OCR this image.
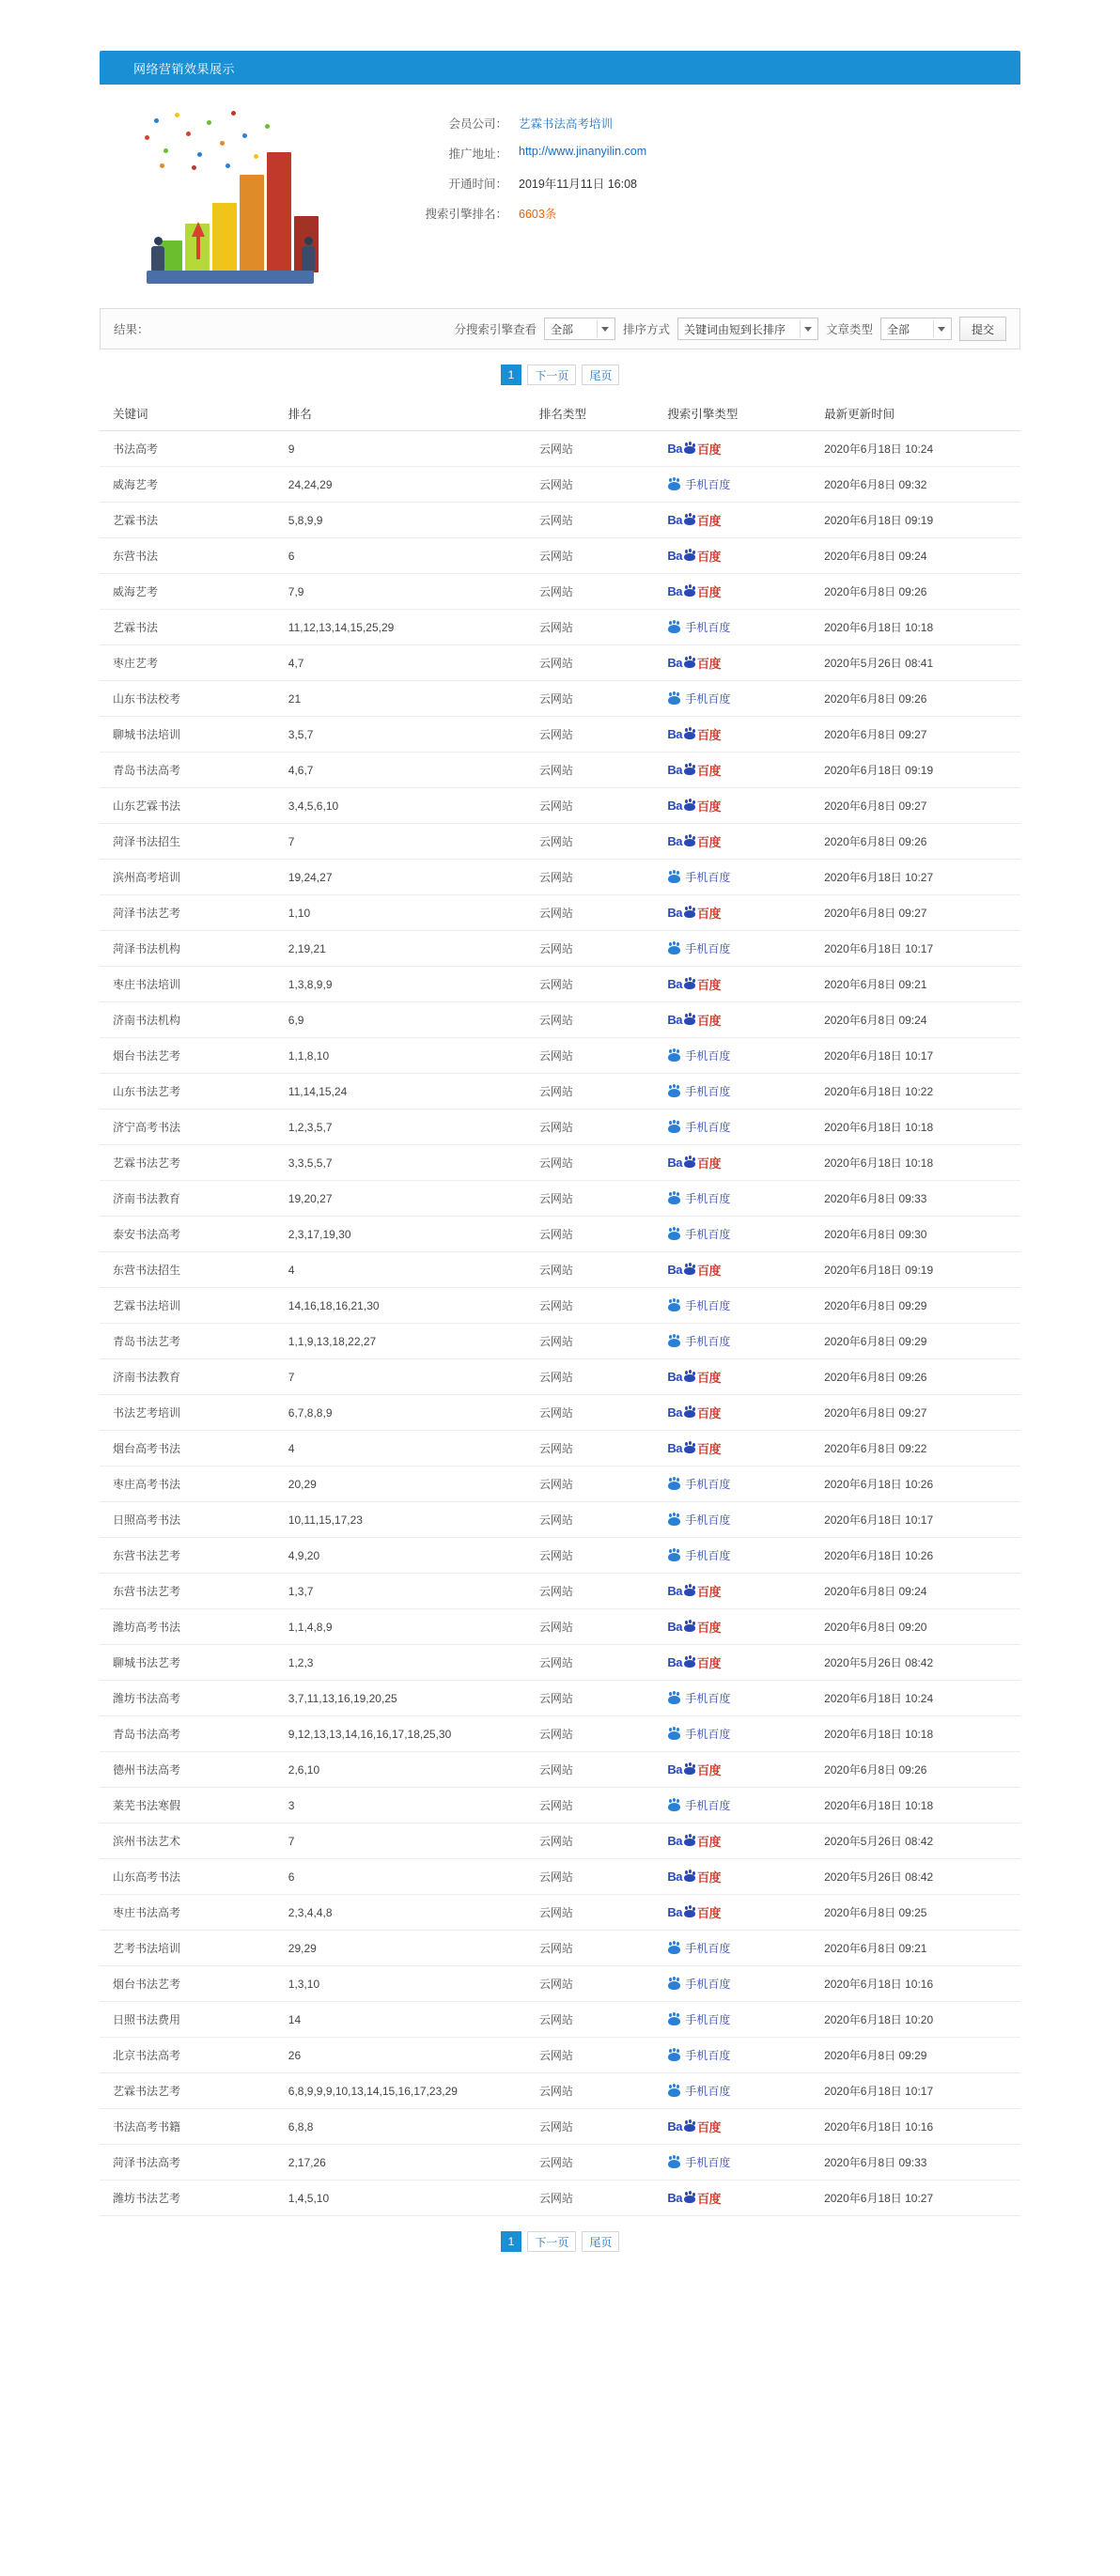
网络营销效果展示
会员公司： 艺霖书法高考培训
推广地址： http://www.jinanyilin.com
开通时间： 2019年11月11日 16:08
搜索引擎排名： 6603条
结果：	分搜索引擎查看 全部	排序方式 关键词由短到长排序	文章类型 全部	提交
1	下一页	尾页
关键词	排名	排名类型	搜索引擎类型	最新更新时间
书法高考	9	云网站	Ba 百度	2020年6月18日 10:24
威海艺考	24,24,29	云网站	手机百度	2020年6月8日 09:32
艺霖书法	5,8,9,9	云网站	Ba 百度	2020年6月18日 09:19
东营书法	6	云网站	Ba 百度	2020年6月8日 09:24
威海艺考	7,9	云网站	Ba 百度	2020年6月8日 09:26
艺霖书法	11,12,13,14,15,25,29	云网站	手机百度	2020年6月18日 10:18
枣庄艺考	4,7	云网站	Ba 百度	2020年5月26日 08:41
山东书法校考	21	云网站	手机百度	2020年6月8日 09:26
聊城书法培训	3,5,7	云网站	Ba 百度	2020年6月8日 09:27
青岛书法高考	4,6,7	云网站	Ba 百度	2020年6月18日 09:19
山东艺霖书法	3,4,5,6,10	云网站	Ba 百度	2020年6月8日 09:27
菏泽书法招生	7	云网站	Ba 百度	2020年6月8日 09:26
滨州高考培训	19,24,27	云网站	手机百度	2020年6月18日 10:27
菏泽书法艺考	1,10	云网站	Ba 百度	2020年6月8日 09:27
菏泽书法机构	2,19,21	云网站	手机百度	2020年6月18日 10:17
枣庄书法培训	1,3,8,9,9	云网站	Ba 百度	2020年6月8日 09:21
济南书法机构	6,9	云网站	Ba 百度	2020年6月8日 09:24
烟台书法艺考	1,1,8,10	云网站	手机百度	2020年6月18日 10:17
山东书法艺考	11,14,15,24	云网站	手机百度	2020年6月18日 10:22
济宁高考书法	1,2,3,5,7	云网站	手机百度	2020年6月18日 10:18
艺霖书法艺考	3,3,5,5,7	云网站	Ba 百度	2020年6月18日 10:18
济南书法教育	19,20,27	云网站	手机百度	2020年6月8日 09:33
泰安书法高考	2,3,17,19,30	云网站	手机百度	2020年6月8日 09:30
东营书法招生	4	云网站	Ba 百度	2020年6月18日 09:19
艺霖书法培训	14,16,18,16,21,30	云网站	手机百度	2020年6月8日 09:29
青岛书法艺考	1,1,9,13,18,22,27	云网站	手机百度	2020年6月8日 09:29
济南书法教育	7	云网站	Ba 百度	2020年6月8日 09:26
书法艺考培训	6,7,8,8,9	云网站	Ba 百度	2020年6月8日 09:27
烟台高考书法	4	云网站	Ba 百度	2020年6月8日 09:22
枣庄高考书法	20,29	云网站	手机百度	2020年6月18日 10:26
日照高考书法	10,11,15,17,23	云网站	手机百度	2020年6月18日 10:17
东营书法艺考	4,9,20	云网站	手机百度	2020年6月18日 10:26
东营书法艺考	1,3,7	云网站	Ba 百度	2020年6月8日 09:24
潍坊高考书法	1,1,4,8,9	云网站	Ba 百度	2020年6月8日 09:20
聊城书法艺考	1,2,3	云网站	Ba 百度	2020年5月26日 08:42
潍坊书法高考	3,7,11,13,16,19,20,25	云网站	手机百度	2020年6月18日 10:24
青岛书法高考	9,12,13,13,14,16,16,17,18,25,30	云网站	手机百度	2020年6月18日 10:18
德州书法高考	2,6,10	云网站	Ba 百度	2020年6月8日 09:26
莱芜书法寒假	3	云网站	手机百度	2020年6月18日 10:18
滨州书法艺术	7	云网站	Ba 百度	2020年5月26日 08:42
山东高考书法	6	云网站	Ba 百度	2020年5月26日 08:42
枣庄书法高考	2,3,4,4,8	云网站	Ba 百度	2020年6月8日 09:25
艺考书法培训	29,29	云网站	手机百度	2020年6月8日 09:21
烟台书法艺考	1,3,10	云网站	手机百度	2020年6月18日 10:16
日照书法费用	14	云网站	手机百度	2020年6月18日 10:20
北京书法高考	26	云网站	手机百度	2020年6月8日 09:29
艺霖书法艺考	6,8,9,9,9,10,13,14,15,16,17,23,29	云网站	手机百度	2020年6月18日 10:17
书法高考书籍	6,8,8	云网站	Ba 百度	2020年6月18日 10:16
菏泽书法高考	2,17,26	云网站	手机百度	2020年6月8日 09:33
潍坊书法艺考	1,4,5,10	云网站	Ba 百度	2020年6月18日 10:27
1	下一页	尾页
